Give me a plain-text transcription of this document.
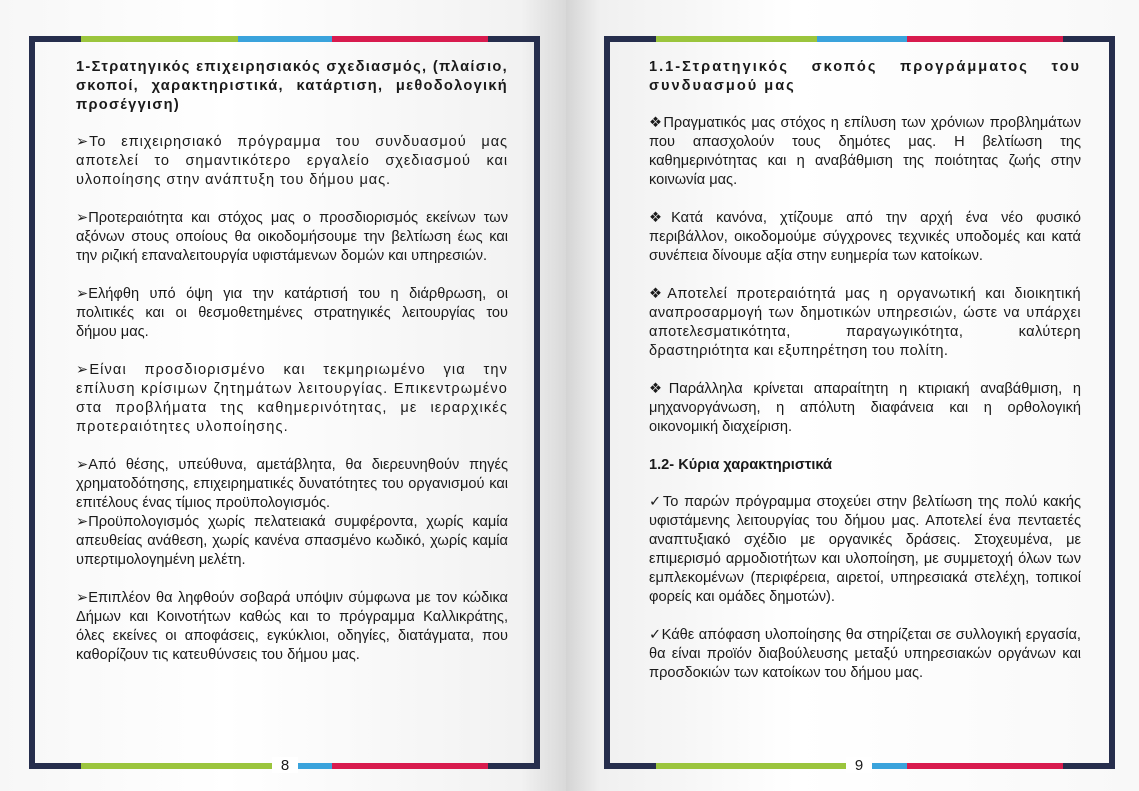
8	9

1-Στρατηγικός επιχειρησιακός σχεδιασμός, (πλαίσιο, σκοποί, χαρακτηριστικά, κατάρτιση, μεθοδολογική προσέγγιση)

➢Το επιχειρησιακό πρόγραμμα του συνδυασμού μας αποτελεί το σημαντικότερο εργαλείο σχεδιασμού και υλοποίησης στην ανάπτυξη του δήμου μας.

➢Προτεραιότητα και στόχος μας ο προσδιορισμός εκείνων των αξόνων στους οποίους θα οικοδομήσουμε την βελτίωση έως και την ριζική επαναλειτουργία υφιστάμενων δομών και υπηρεσιών.

➢Ελήφθη υπό όψη για την κατάρτισή του η διάρθρωση, οι πολιτικές και οι θεσμοθετημένες στρατηγικές λειτουργίας του δήμου μας.

➢Είναι προσδιορισμένο και τεκμηριωμένο για την επίλυση κρίσιμων ζητημάτων λειτουργίας. Επικεντρωμένο στα προβλήματα της καθημερινότητας, με ιεραρχικές προτεραιότητες υλοποίησης.

➢Από θέσης, υπεύθυνα, αμετάβλητα, θα διερευνηθούν πηγές χρηματοδότησης, επιχειρηματικές δυνατότητες του οργανισμού και επιτέλους ένας τίμιος προϋπολογισμός.

➢Προϋπολογισμός χωρίς πελατειακά συμφέροντα, χωρίς καμία απευθείας ανάθεση, χωρίς κανένα σπασμένο κωδικό, χωρίς καμία υπερτιμολογημένη μελέτη.

➢Επιπλέον θα ληφθούν σοβαρά υπόψιν σύμφωνα με τον κώδικα Δήμων και Κοινοτήτων καθώς και το πρόγραμμα Καλλικράτης, όλες εκείνες οι αποφάσεις, εγκύκλιοι, οδηγίες, διατάγματα, που καθορίζουν τις κατευθύνσεις του δήμου μας.

1.1-Στρατηγικός σκοπός προγράμματος του συνδυασμού μας

❖Πραγματικός μας στόχος η επίλυση των χρόνιων προβλημάτων που απασχολούν τους δημότες μας. Η βελτίωση της καθημερινότητας και η αναβάθμιση της ποιότητας ζωής στην κοινωνία μας.

❖Κατά κανόνα, χτίζουμε από την αρχή ένα νέο φυσικό περιβάλλον, οικοδομούμε σύγχρονες τεχνικές υποδομές και κατά συνέπεια δίνουμε αξία στην ευημερία των κατοίκων.

❖Αποτελεί προτεραιότητά μας η οργανωτική και διοικητική αναπροσαρμογή των δημοτικών υπηρεσιών, ώστε να υπάρχει αποτελεσματικότητα, παραγωγικότητα, καλύτερη δραστηριότητα και εξυπηρέτηση του πολίτη.

❖Παράλληλα κρίνεται απαραίτητη η κτιριακή αναβάθμιση, η μηχανοργάνωση, η απόλυτη διαφάνεια και η ορθολογική οικονομική διαχείριση.

1.2- Κύρια χαρακτηριστικά

✓Το παρών πρόγραμμα στοχεύει στην βελτίωση της πολύ κακής υφιστάμενης λειτουργίας του δήμου μας. Αποτελεί ένα πενταετές αναπτυξιακό σχέδιο με οργανικές δράσεις. Στοχευμένα, με επιμερισμό αρμοδιοτήτων και υλοποίηση, με συμμετοχή όλων των εμπλεκομένων (περιφέρεια, αιρετοί, υπηρεσιακά στελέχη, τοπικοί φορείς και ομάδες δημοτών).

✓Κάθε απόφαση υλοποίησης θα στηρίζεται σε συλλογική εργασία, θα είναι προϊόν διαβούλευσης μεταξύ υπηρεσιακών οργάνων και προσδοκιών των κατοίκων του δήμου μας.
